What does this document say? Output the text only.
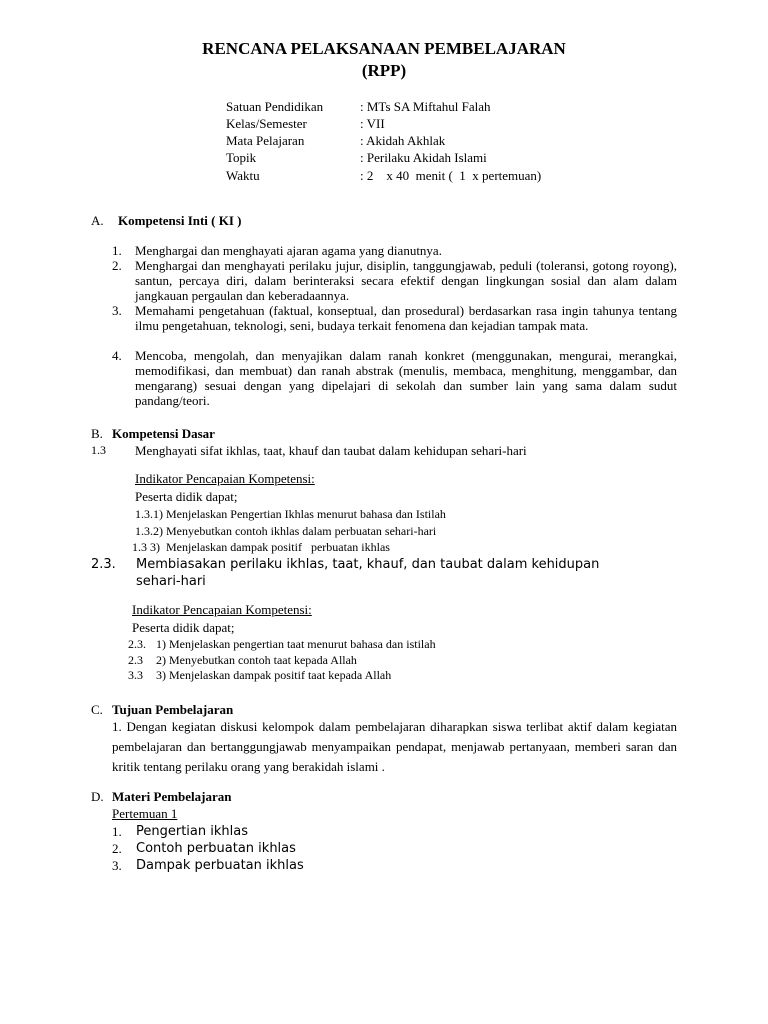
RENCANA PELAKSANAAN PEMBELAJARAN
(RPP)
Satuan Pendidikan	: MTs SA Miftahul Falah
Kelas/Semester	: VII
Mata Pelajaran	: Akidah Akhlak
Topik	: Perilaku Akidah Islami
Waktu	: 2    x 40  menit (  1  x pertemuan)
A. Kompetensi Inti ( KI )
1. Menghargai dan menghayati ajaran agama yang dianutnya.
2. Menghargai dan menghayati perilaku jujur, disiplin, tanggungjawab, peduli (toleransi, gotong royong), santun, percaya diri, dalam berinteraksi secara efektif dengan lingkungan sosial dan alam dalam jangkauan pergaulan dan keberadaannya.
3. Memahami pengetahuan (faktual, konseptual, dan prosedural) berdasarkan rasa ingin tahunya tentang ilmu pengetahuan, teknologi, seni, budaya terkait fenomena dan kejadian tampak mata.
4. Mencoba, mengolah, dan menyajikan dalam ranah konkret (menggunakan, mengurai, merangkai, memodifikasi, dan membuat) dan ranah abstrak (menulis, membaca, menghitung, menggambar, dan mengarang) sesuai dengan yang dipelajari di sekolah dan sumber lain yang sama dalam sudut pandang/teori.
B. Kompetensi Dasar
1.3 Menghayati sifat ikhlas, taat, khauf dan taubat dalam kehidupan sehari-hari
Indikator Pencapaian Kompetensi:
Peserta didik dapat;
1.3.1) Menjelaskan Pengertian Ikhlas menurut bahasa dan Istilah
1.3.2) Menyebutkan contoh ikhlas dalam perbuatan sehari-hari
1.3 3)  Menjelaskan dampak positif   perbuatan ikhlas
2.3. Membiasakan perilaku ikhlas, taat, khauf, dan taubat dalam kehidupan
sehari-hari
Indikator Pencapaian Kompetensi:
Peserta didik dapat;
2.3. 1) Menjelaskan pengertian taat menurut bahasa dan istilah
2.3 2) Menyebutkan contoh taat kepada Allah
3.3 3) Menjelaskan dampak positif taat kepada Allah
C. Tujuan Pembelajaran
1. Dengan kegiatan diskusi kelompok dalam pembelajaran diharapkan siswa terlibat aktif dalam kegiatan pembelajaran dan bertanggungjawab menyampaikan pendapat, menjawab pertanyaan, memberi saran dan kritik tentang perilaku orang yang berakidah islami .
D. Materi Pembelajaran
Pertemuan 1
1. Pengertian ikhlas
2. Contoh perbuatan ikhlas
3. Dampak perbuatan ikhlas
